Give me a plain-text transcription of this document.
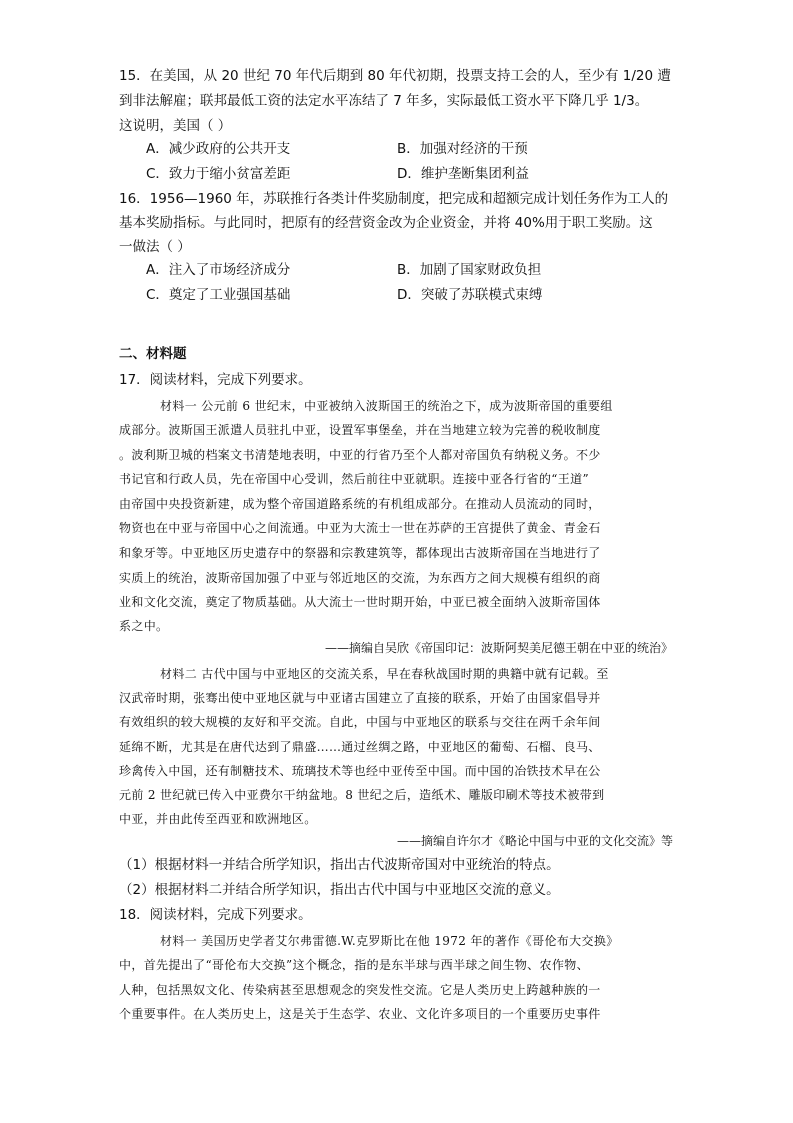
15．在美国，从 20 世纪 70 年代后期到 80 年代初期，投票支持工会的人，至少有 1/20 遭
到非法解雇；联邦最低工资的法定水平冻结了 7 年多，实际最低工资水平下降几乎 1/3。
这说明，美国（ ）
A．减少政府的公共开支	B．加强对经济的干预
C．致力于缩小贫富差距	D．维护垄断集团利益
16．1956—1960 年，苏联推行各类计件奖励制度，把完成和超额完成计划任务作为工人的
基本奖励指标。与此同时，把原有的经营资金改为企业资金，并将 40%用于职工奖励。这
一做法（ ）
A．注入了市场经济成分	B．加剧了国家财政负担
C．奠定了工业强国基础	D．突破了苏联模式束缚
二、材料题
17．阅读材料，完成下列要求。
材料一 公元前 6 世纪末，中亚被纳入波斯国王的统治之下，成为波斯帝国的重要组
成部分。波斯国王派遣人员驻扎中亚，设置军事堡垒，并在当地建立较为完善的税收制度
。波利斯卫城的档案文书清楚地表明，中亚的行省乃至个人都对帝国负有纳税义务。不少
书记官和行政人员，先在帝国中心受训，然后前往中亚就职。连接中亚各行省的“王道”
由帝国中央投资新建，成为整个帝国道路系统的有机组成部分。在推动人员流动的同时，
物资也在中亚与帝国中心之间流通。中亚为大流士一世在苏萨的王宫提供了黄金、青金石
和象牙等。中亚地区历史遗存中的祭器和宗教建筑等，都体现出古波斯帝国在当地进行了
实质上的统治，波斯帝国加强了中亚与邻近地区的交流，为东西方之间大规模有组织的商
业和文化交流，奠定了物质基础。从大流士一世时期开始，中亚已被全面纳入波斯帝国体
系之中。
——摘编自吴欣《帝国印记：波斯阿契美尼德王朝在中亚的统治》
材料二 古代中国与中亚地区的交流关系，早在春秋战国时期的典籍中就有记载。至
汉武帝时期，张骞出使中亚地区就与中亚诸古国建立了直接的联系，开始了由国家倡导并
有效组织的较大规模的友好和平交流。自此，中国与中亚地区的联系与交往在两千余年间
延绵不断，尤其是在唐代达到了鼎盛……通过丝绸之路，中亚地区的葡萄、石榴、良马、
珍禽传入中国，还有制糖技术、琉璃技术等也经中亚传至中国。而中国的冶铁技术早在公
元前 2 世纪就已传入中亚费尔干纳盆地。8 世纪之后，造纸术、雕版印刷术等技术被带到
中亚，并由此传至西亚和欧洲地区。
——摘编自许尔才《略论中国与中亚的文化交流》等
（1）根据材料一并结合所学知识，指出古代波斯帝国对中亚统治的特点。
（2）根据材料二并结合所学知识，指出古代中国与中亚地区交流的意义。
18．阅读材料，完成下列要求。
材料一 美国历史学者艾尔弗雷德.W.克罗斯比在他 1972 年的著作《哥伦布大交换》
中，首先提出了“哥伦布大交换”这个概念，指的是东半球与西半球之间生物、农作物、
人种，包括黑奴文化、传染病甚至思想观念的突发性交流。它是人类历史上跨越种族的一
个重要事件。在人类历史上，这是关于生态学、农业、文化许多项目的一个重要历史事件
